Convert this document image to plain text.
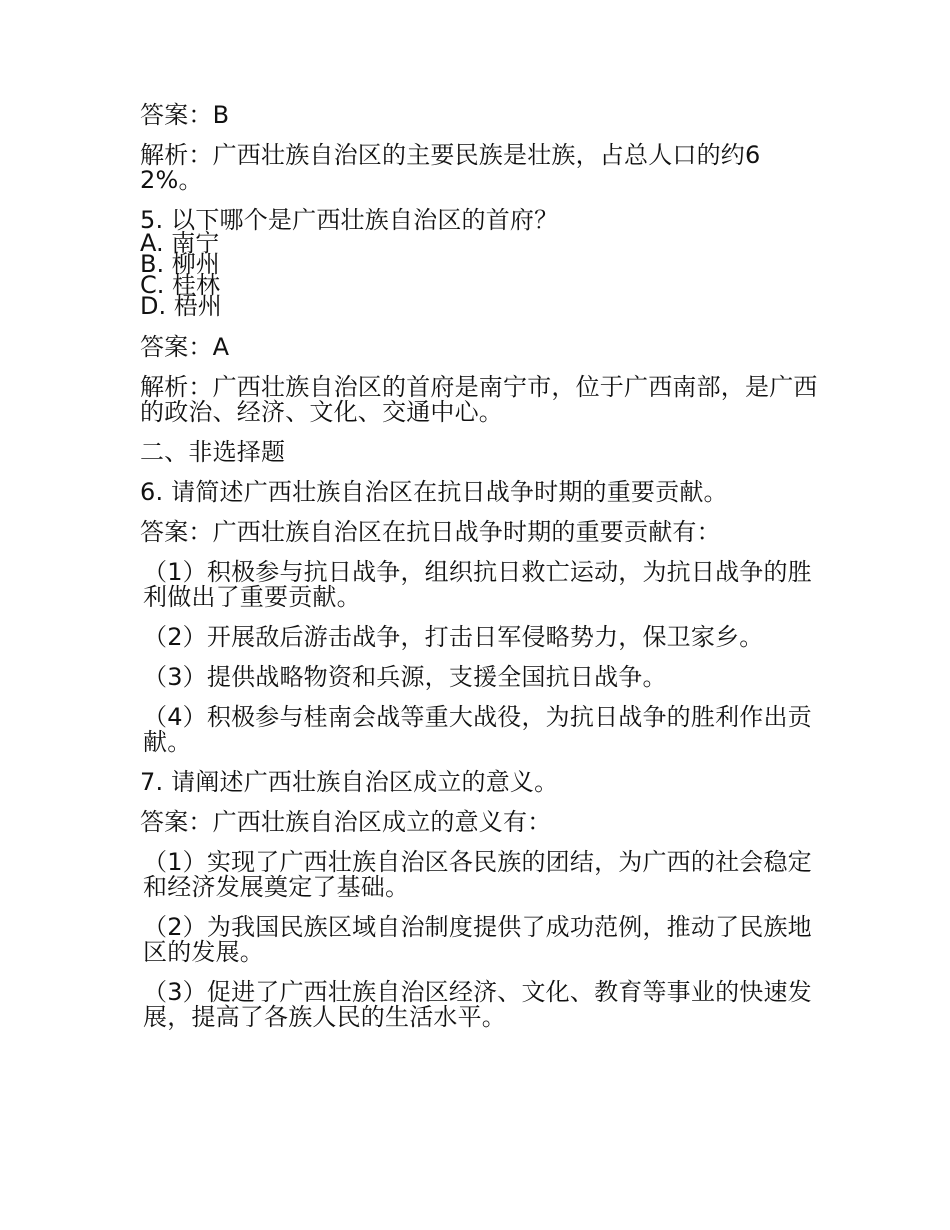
答案：B

解析：广西壮族自治区的主要民族是壮族，占总人口的约62%。

5. 以下哪个是广西壮族自治区的首府？

A. 南宁
B. 柳州
C. 桂林
D. 梧州

答案：A

解析：广西壮族自治区的首府是南宁市，位于广西南部，是广西的政治、经济、文化、交通中心。

二、非选择题

6. 请简述广西壮族自治区在抗日战争时期的重要贡献。

答案：广西壮族自治区在抗日战争时期的重要贡献有：

（1）积极参与抗日战争，组织抗日救亡运动，为抗日战争的胜利做出了重要贡献。

（2）开展敌后游击战争，打击日军侵略势力，保卫家乡。

（3）提供战略物资和兵源，支援全国抗日战争。

（4）积极参与桂南会战等重大战役，为抗日战争的胜利作出贡献。

7. 请阐述广西壮族自治区成立的意义。

答案：广西壮族自治区成立的意义有：

（1）实现了广西壮族自治区各民族的团结，为广西的社会稳定和经济发展奠定了基础。

（2）为我国民族区域自治制度提供了成功范例，推动了民族地区的发展。

（3）促进了广西壮族自治区经济、文化、教育等事业的快速发展，提高了各族人民的生活水平。
